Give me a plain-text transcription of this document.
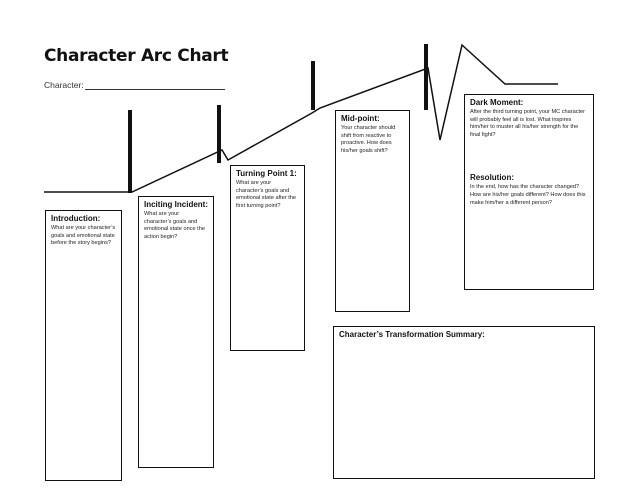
Character Arc Chart
Character:
Introduction:
What are your character’s goals and emotional state before the story begins?
Inciting Incident:
What are your character’s goals and emotional state once the action begin?
Turning Point 1:
What are your character’s goals and emotional state after the first turning point?
Mid-point:
Your character should shift from reactive to proactive. How does his/her goals shift?
Dark Moment:
After the third turning point, your MC character will probably feel all is lost. What inspires him/her to muster all his/her strength for the final fight?
Resolution:
In the end, how has the character changed? How are his/her goals different? How does this make him/her a different person?
Character’s Transformation Summary:
